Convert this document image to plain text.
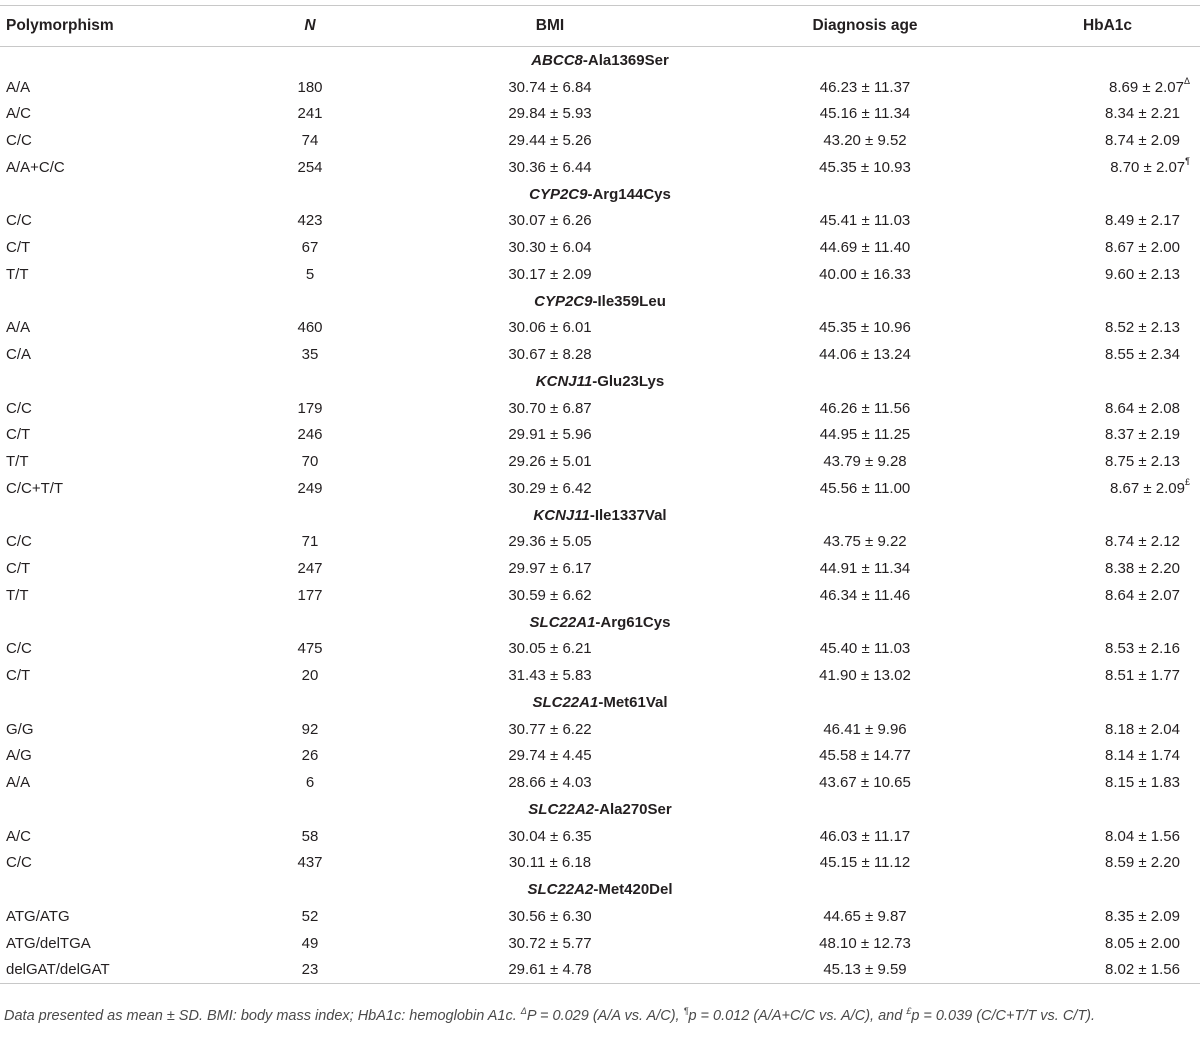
Polymorphism	N	BMI	Diagnosis age	HbA1c
ABCC8-Ala1369Ser				
A/A	180	30.74 ± 6.84	46.23 ± 11.37	$8.69 \pm 2.07^\Delta$
A/C	241	29.84 ± 5.93	45.16 ± 11.34	8.34 ± 2.21
C/C	74	29.44 ± 5.26	43.20 ± 9.52	8.74 ± 2.09
A/A+C/C	254	30.36 ± 6.44	45.35 ± 10.93	8.70 ± 2.07¶
CYP2C9-Arg144Cys				
C/C	423	30.07 ± 6.26	45.41 ± 11.03	8.49 ± 2.17
C/T	67	30.30 ± 6.04	44.69 ± 11.40	8.67 ± 2.00
T/T	5	30.17 ± 2.09	40.00 ± 16.33	9.60 ± 2.13
CYP2C9-Ile359Leu				
A/A	460	30.06 ± 6.01	45.35 ± 10.96	8.52 ± 2.13
C/A	35	30.67 ± 8.28	44.06 ± 13.24	8.55 ± 2.34
KCNJ11-Glu23Lys				
C/C	179	30.70 ± 6.87	46.26 ± 11.56	8.64 ± 2.08
C/T	246	29.91 ± 5.96	44.95 ± 11.25	8.37 ± 2.19
T/T	70	29.26 ± 5.01	43.79 ± 9.28	8.75 ± 2.13
C/C+T/T	249	30.29 ± 6.42	45.56 ± 11.00	8.67 ± 2.09£
KCNJ11-Ile1337Val				
C/C	71	29.36 ± 5.05	43.75 ± 9.22	8.74 ± 2.12
C/T	247	29.97 ± 6.17	44.91 ± 11.34	8.38 ± 2.20
T/T	177	30.59 ± 6.62	46.34 ± 11.46	8.64 ± 2.07
SLC22A1-Arg61Cys				
C/C	475	30.05 ± 6.21	45.40 ± 11.03	8.53 ± 2.16
C/T	20	31.43 ± 5.83	41.90 ± 13.02	8.51 ± 1.77
SLC22A1-Met61Val				
G/G	92	30.77 ± 6.22	46.41 ± 9.96	8.18 ± 2.04
A/G	26	29.74 ± 4.45	45.58 ± 14.77	8.14 ± 1.74
A/A	6	28.66 ± 4.03	43.67 ± 10.65	8.15 ± 1.83
SLC22A2-Ala270Ser				
A/C	58	30.04 ± 6.35	46.03 ± 11.17	8.04 ± 1.56
C/C	437	30.11 ± 6.18	45.15 ± 11.12	8.59 ± 2.20
SLC22A2-Met420Del				
ATG/ATG	52	30.56 ± 6.30	44.65 ± 9.87	8.35 ± 2.09
ATG/delTGA	49	30.72 ± 5.77	48.10 ± 12.73	8.05 ± 2.00
delGAT/delGAT	23	29.61 ± 4.78	45.13 ± 9.59	8.02 ± 1.56
Data presented as mean ± SD. BMI: body mass index; HbA1c: hemoglobin A1c. $^\Delta$P = 0.029 (A/A vs. A/C), ¶p = 0.012 (A/A+C/C vs. A/C), and £p = 0.039 (C/C+T/T vs. C/T).
